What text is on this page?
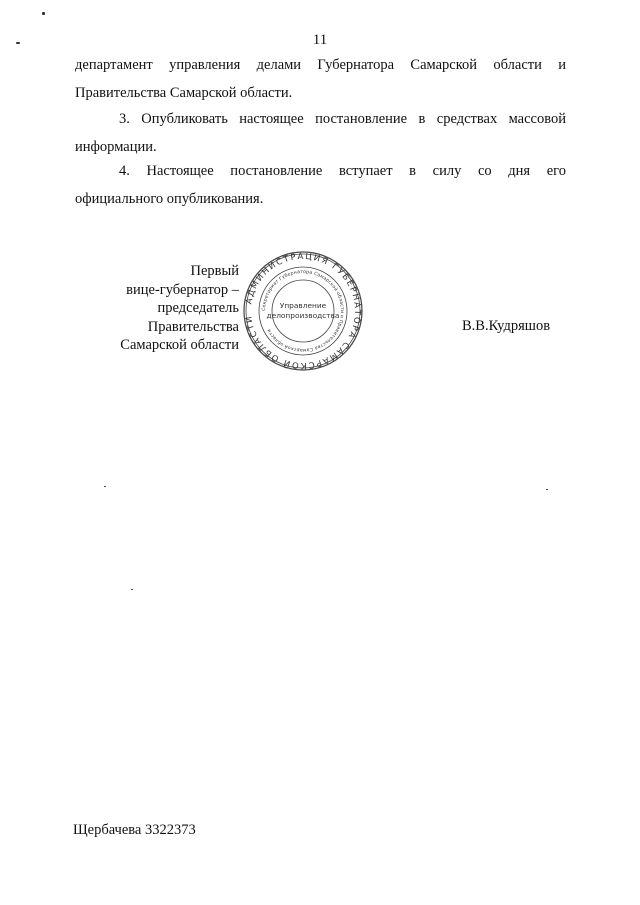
11
департамент управления делами Губернатора Самарской области и
Правительства Самарской области.
3. Опубликовать настоящее постановление в средствах массовой
информации.
4. Настоящее постановление вступает в силу со дня его
официального опубликования.
Первый
вице-губернатор –
председатель Правительства
Самарской области
АДМИНИСТРАЦИЯ ГУБЕРНАТОРА САМАРСКОЙ ОБЛАСТИ *
Секретариат Губернатора Самарской области и Правительства Самарской области
Управление
делопроизводства
В.В.Кудряшов
Щербачева 3322373
